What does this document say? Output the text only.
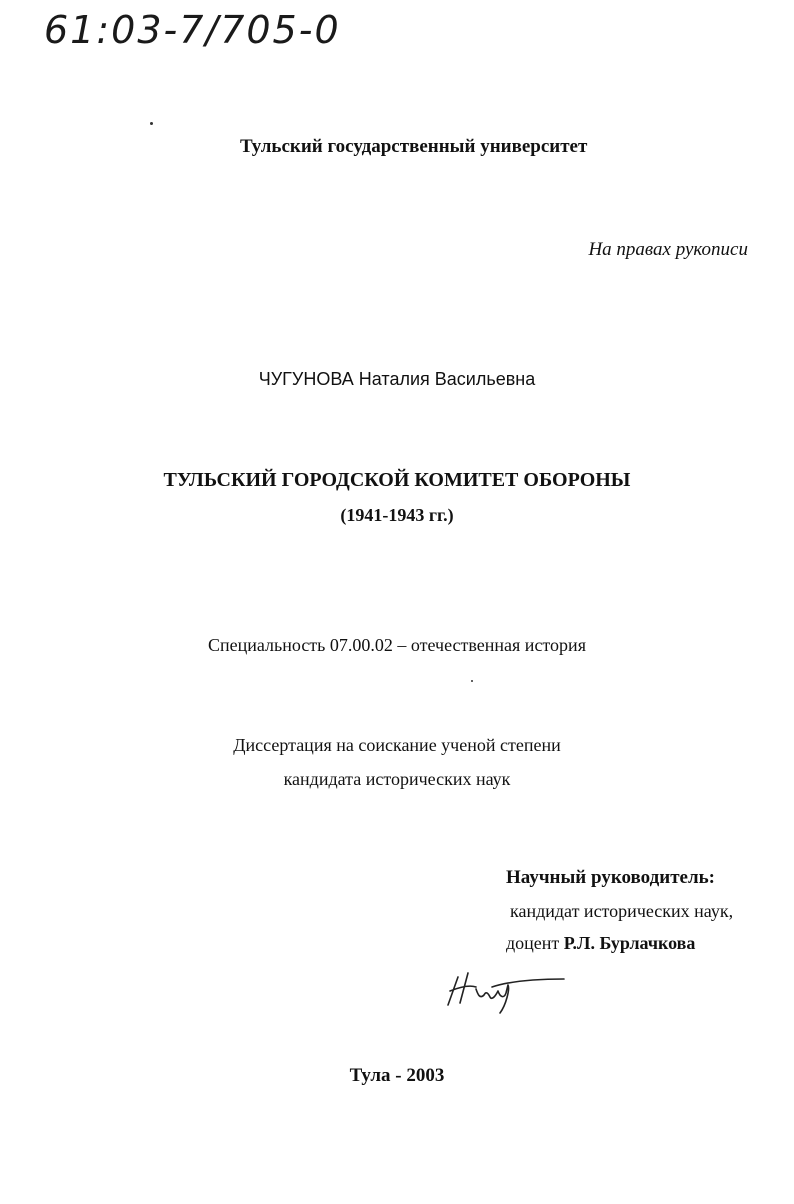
61:03-7/705-0
Тульский государственный университет
На правах рукописи
ЧУГУНОВА Наталия Васильевна
ТУЛЬСКИЙ ГОРОДСКОЙ КОМИТЕТ ОБОРОНЫ
(1941-1943 гг.)
Специальность 07.00.02 – отечественная история
Диссертация на соискание ученой степени
кандидата исторических наук
Научный руководитель:
кандидат исторических наук,
доцент Р.Л. Бурлачкова
Тула - 2003
